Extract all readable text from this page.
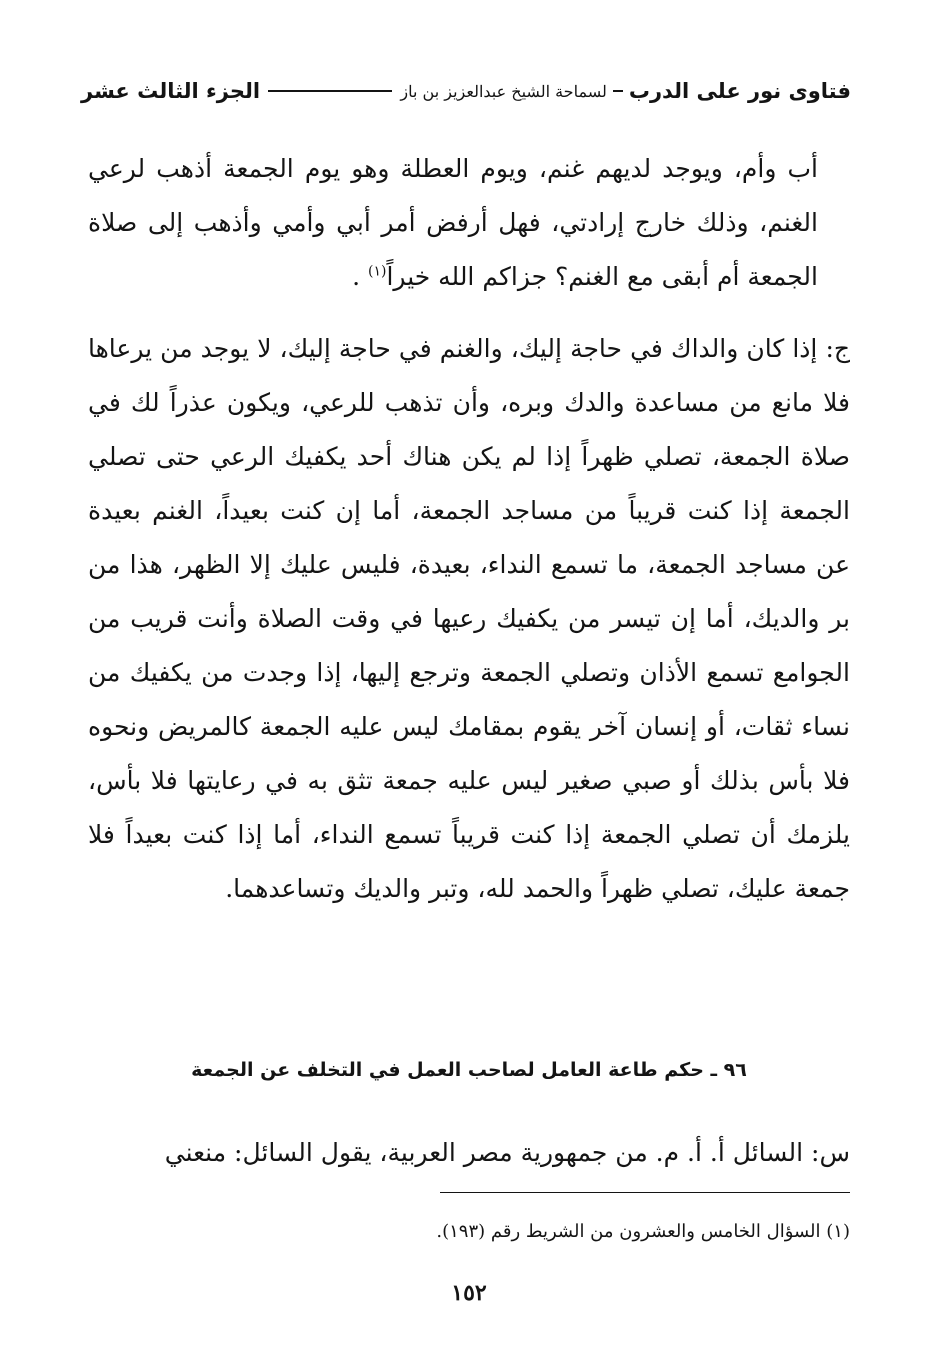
فتاوى نور على الدرب
لسماحة الشيخ عبدالعزيز بن باز
الجزء الثالث عشر

أب وأم، ويوجد لديهم غنم، ويوم العطلة وهو يوم الجمعة أذهب لرعي الغنم، وذلك خارج إرادتي، فهل أرفض أمر أبي وأمي وأذهب إلى صلاة الجمعة أم أبقى مع الغنم؟ جزاكم الله خيراً$^{(١)}$ .

ج: إذا كان والداك في حاجة إليك، والغنم في حاجة إليك، لا يوجد من يرعاها فلا مانع من مساعدة والدك وبره، وأن تذهب للرعي، ويكون عذراً لك في صلاة الجمعة، تصلي ظهراً إذا لم يكن هناك أحد يكفيك الرعي حتى تصلي الجمعة إذا كنت قريباً من مساجد الجمعة، أما إن كنت بعيداً، الغنم بعيدة عن مساجد الجمعة، ما تسمع النداء، بعيدة، فليس عليك إلا الظهر، هذا من بر والديك، أما إن تيسر من يكفيك رعيها في وقت الصلاة وأنت قريب من الجوامع تسمع الأذان وتصلي الجمعة وترجع إليها، إذا وجدت من يكفيك من نساء ثقات، أو إنسان آخر يقوم بمقامك ليس عليه الجمعة كالمريض ونحوه فلا بأس بذلك أو صبي صغير ليس عليه جمعة تثق به في رعايتها فلا بأس، يلزمك أن تصلي الجمعة إذا كنت قريباً تسمع النداء، أما إذا كنت بعيداً فلا جمعة عليك، تصلي ظهراً والحمد لله، وتبر والديك وتساعدهما.

٩٦ ـ حكم طاعة العامل لصاحب العمل في التخلف عن الجمعة

س: السائل أ. أ. م. من جمهورية مصر العربية، يقول السائل: منعني

(١) السؤال الخامس والعشرون من الشريط رقم (١٩٣).

١٥٢
